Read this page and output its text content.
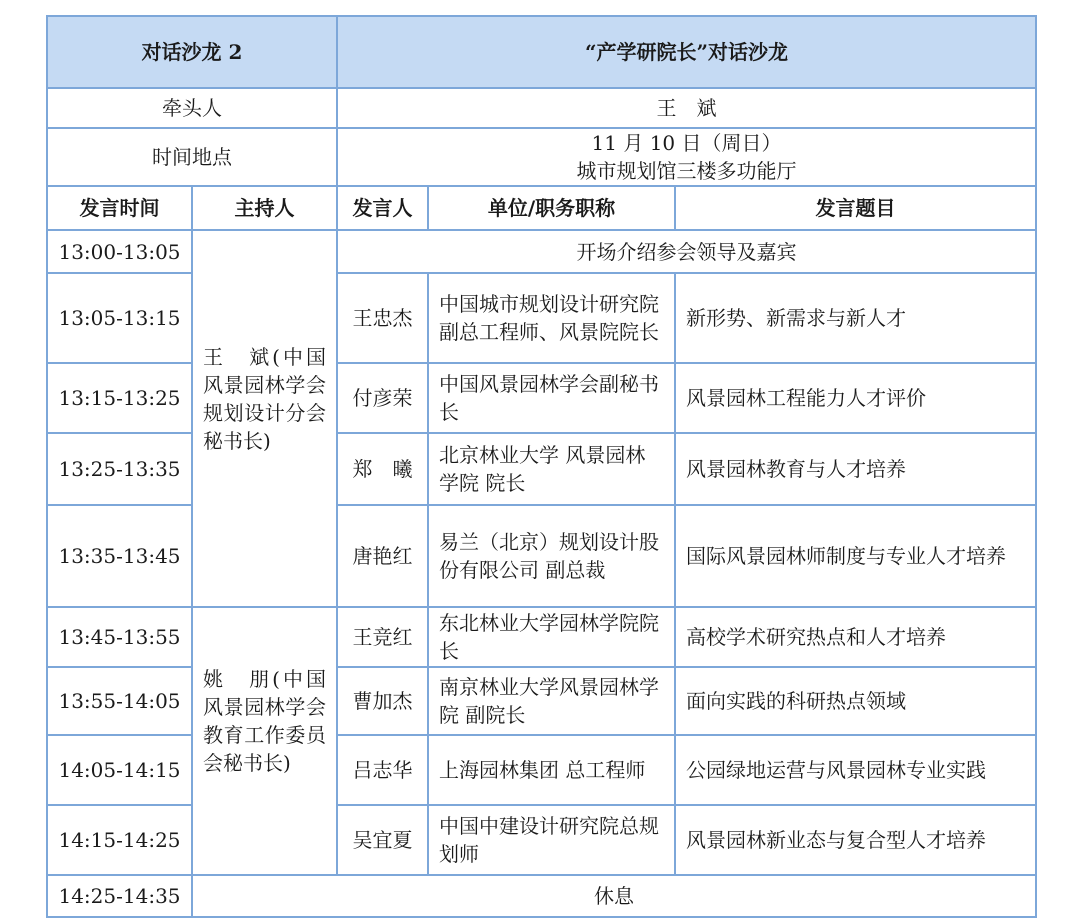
对话沙龙 2		“产学研院长”对话沙龙		
牵头人		王　斌		
时间地点		11 月 10 日（周日）
城市规划馆三楼多功能厅		

发言时间	主持人	发言人	单位/职务职称	发言题目
13:00-13:05	王　斌(中国风景园林学会规划设计分会秘书长)	开场介绍参会领导及嘉宾		
13:05-13:15		王忠杰	中国城市规划设计研究院副总工程师、风景院院长	新形势、新需求与新人才
13:15-13:25		付彦荣	中国风景园林学会副秘书长	风景园林工程能力人才评价
13:25-13:35		郑　曦	北京林业大学 风景园林学院 院长	风景园林教育与人才培养
13:35-13:45		唐艳红	易兰（北京）规划设计股份有限公司 副总裁	国际风景园林师制度与专业人才培养
13:45-13:55	姚　朋(中国风景园林学会教育工作委员会秘书长)	王竞红	东北林业大学园林学院院长	高校学术研究热点和人才培养
13:55-14:05		曹加杰	南京林业大学风景园林学院 副院长	面向实践的科研热点领域
14:05-14:15		吕志华	上海园林集团 总工程师	公园绿地运营与风景园林专业实践
14:15-14:25		吴宜夏	中国中建设计研究院总规划师	风景园林新业态与复合型人才培养
14:25-14:35	休息			
